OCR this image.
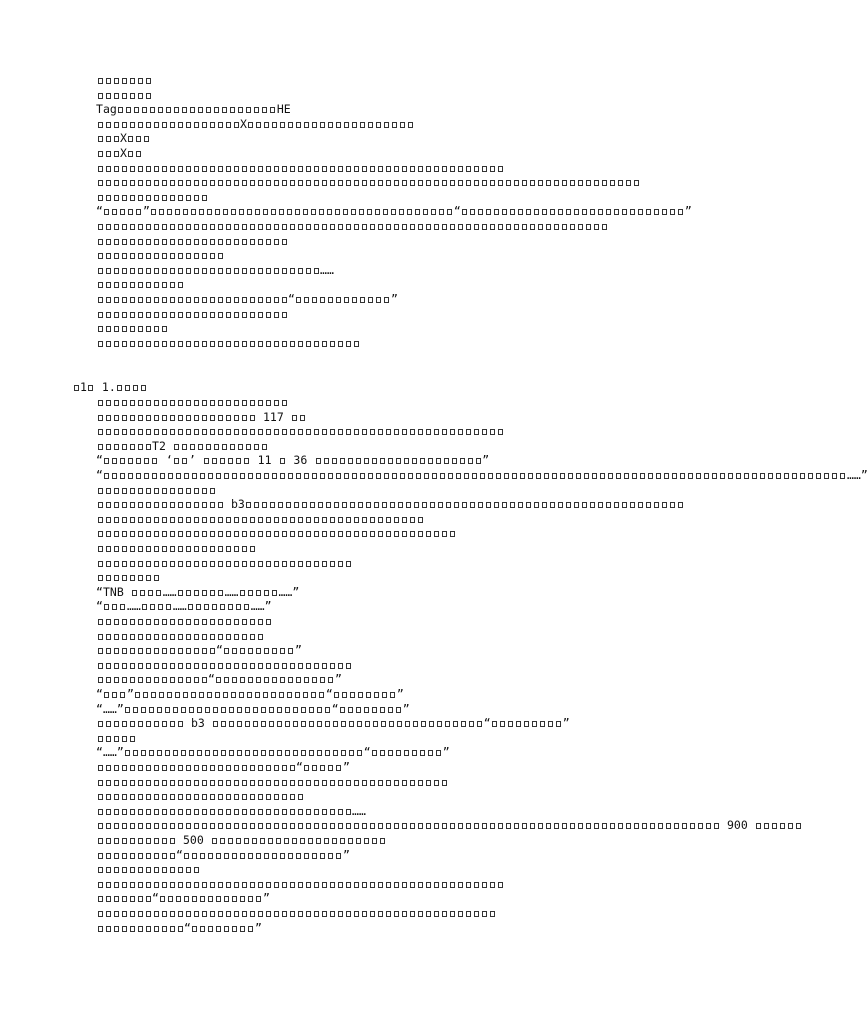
Tag	HE
X
X
X
“	”	“	”
……
“	”
1 1.
117
T2
“	‘ ’	11 36	”
“	……”
b3
“TNB	……	……	……”
“ ……	……	……”
“	”
“	”
“ ”	“	”
“……”	“	”
b3	“	”
“……”	“	”
“	”
……
900
500
“	”
“	”
“	”
